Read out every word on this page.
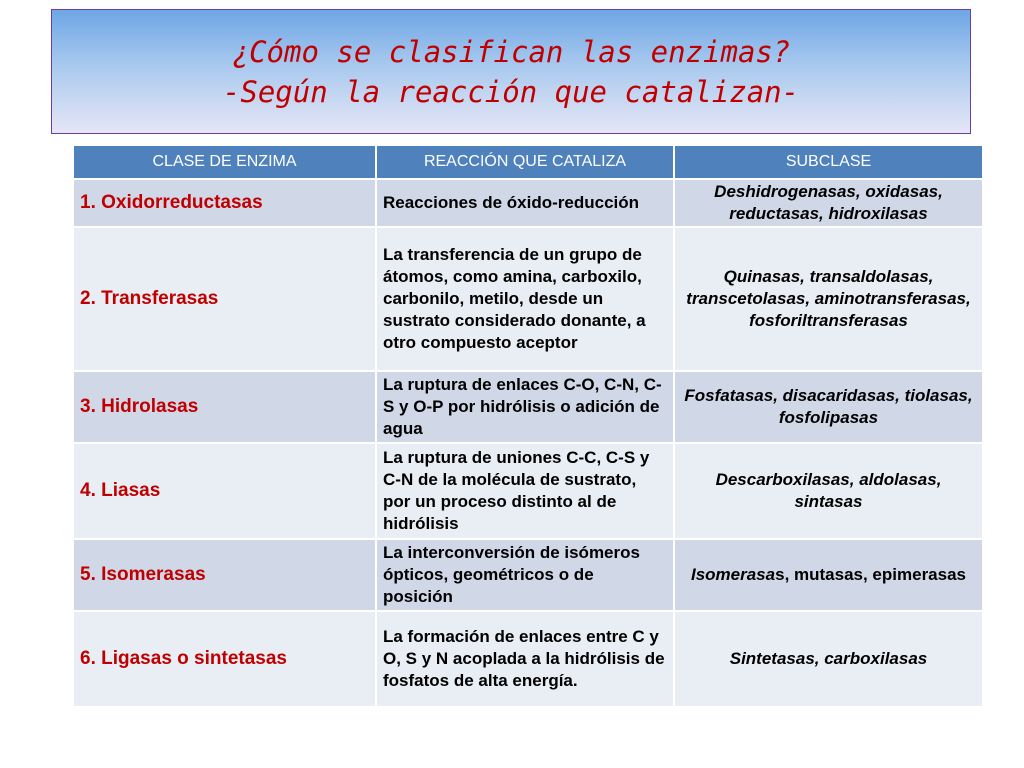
¿Cómo se clasifican las enzimas?
-Según la reacción que catalizan-
CLASE DE ENZIMA	REACCIÓN QUE CATALIZA	SUBCLASE
1. Oxidorreductasas	Reacciones de óxido-reducción	Deshidrogenasas, oxidasas, reductasas, hidroxilasas
2. Transferasas	La transferencia de un grupo de átomos, como amina, carboxilo, carbonilo, metilo, desde un sustrato considerado donante, a otro compuesto aceptor	Quinasas, transaldolasas, transcetolasas, aminotransferasas, fosforiltransferasas
3. Hidrolasas	La ruptura de enlaces C-O, C-N, C-S y O-P por hidrólisis o adición de agua	Fosfatasas, disacaridasas, tiolasas, fosfolipasas
4. Liasas	La ruptura de uniones C-C, C-S y C-N de la molécula de sustrato, por un proceso distinto al de hidrólisis	Descarboxilasas, aldolasas, sintasas
5. Isomerasas	La interconversión de isómeros ópticos, geométricos o de posición	Isomerasas, mutasas, epimerasas
6. Ligasas o sintetasas	La formación de enlaces entre C y O, S y N acoplada a la hidrólisis de fosfatos de alta energía.	Sintetasas, carboxilasas
